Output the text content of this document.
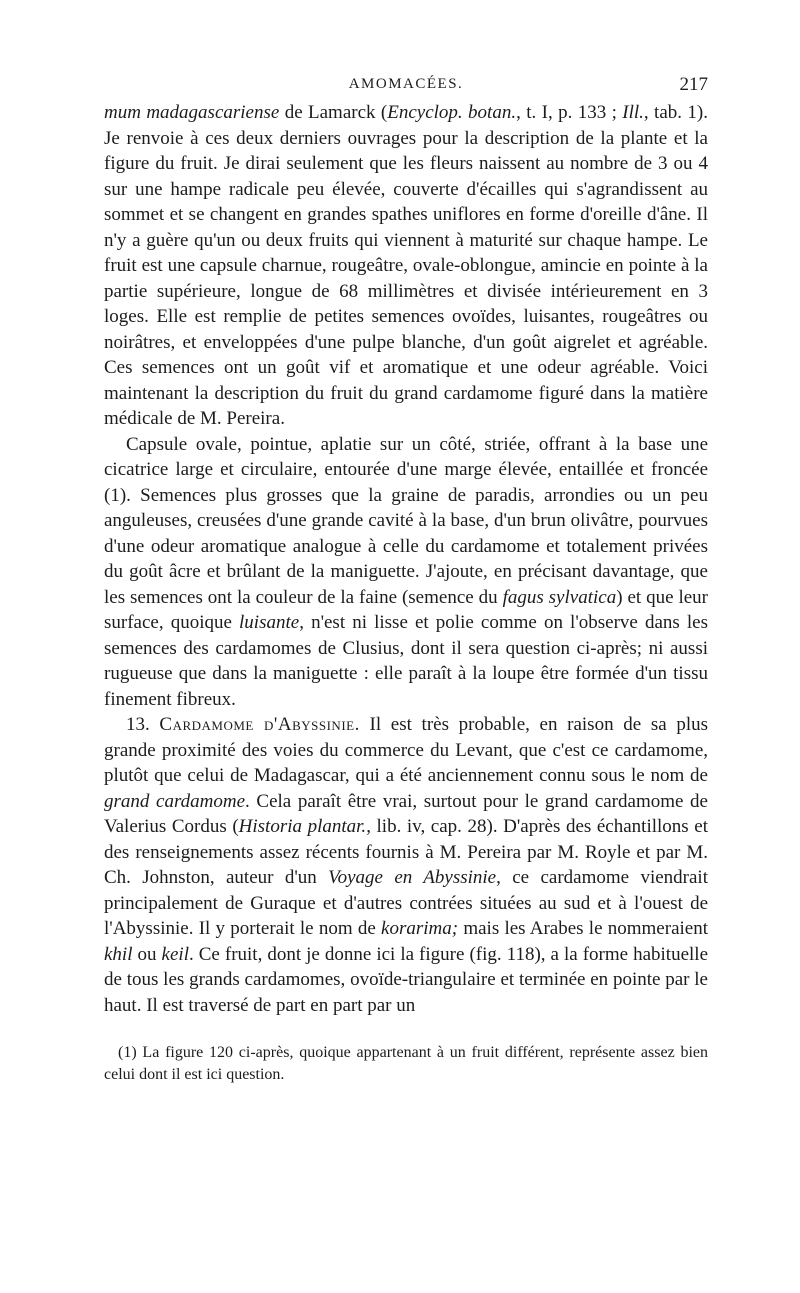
AMOMACÉES.	217

mum madagascariense de Lamarck (Encyclop. botan., t. I, p. 133 ; Ill., tab. 1). Je renvoie à ces deux derniers ouvrages pour la description de la plante et la figure du fruit. Je dirai seulement que les fleurs naissent au nombre de 3 ou 4 sur une hampe radicale peu élevée, couverte d'écailles qui s'agrandissent au sommet et se changent en grandes spathes uniflores en forme d'oreille d'âne. Il n'y a guère qu'un ou deux fruits qui viennent à maturité sur chaque hampe. Le fruit est une capsule charnue, rougeâtre, ovale-oblongue, amincie en pointe à la partie supérieure, longue de 68 millimètres et divisée intérieurement en 3 loges. Elle est remplie de petites semences ovoïdes, luisantes, rougeâtres ou noirâtres, et enveloppées d'une pulpe blanche, d'un goût aigrelet et agréable. Ces semences ont un goût vif et aromatique et une odeur agréable. Voici maintenant la description du fruit du grand cardamome figuré dans la matière médicale de M. Pereira.

Capsule ovale, pointue, aplatie sur un côté, striée, offrant à la base une cicatrice large et circulaire, entourée d'une marge élevée, entaillée et froncée (1). Semences plus grosses que la graine de paradis, arrondies ou un peu anguleuses, creusées d'une grande cavité à la base, d'un brun olivâtre, pourvues d'une odeur aromatique analogue à celle du cardamome et totalement privées du goût âcre et brûlant de la maniguette. J'ajoute, en précisant davantage, que les semences ont la couleur de la faine (semence du fagus sylvatica) et que leur surface, quoique luisante, n'est ni lisse et polie comme on l'observe dans les semences des cardamomes de Clusius, dont il sera question ci-après; ni aussi rugueuse que dans la maniguette : elle paraît à la loupe être formée d'un tissu finement fibreux.

13. Cardamome d'Abyssinie. Il est très probable, en raison de sa plus grande proximité des voies du commerce du Levant, que c'est ce cardamome, plutôt que celui de Madagascar, qui a été anciennement connu sous le nom de grand cardamome. Cela paraît être vrai, surtout pour le grand cardamome de Valerius Cordus (Historia plantar., lib. iv, cap. 28). D'après des échantillons et des renseignements assez récents fournis à M. Pereira par M. Royle et par M. Ch. Johnston, auteur d'un Voyage en Abyssinie, ce cardamome viendrait principalement de Guraque et d'autres contrées situées au sud et à l'ouest de l'Abyssinie. Il y porterait le nom de korarima; mais les Arabes le nommeraient khil ou keil. Ce fruit, dont je donne ici la figure (fig. 118), a la forme habituelle de tous les grands cardamomes, ovoïde-triangulaire et terminée en pointe par le haut. Il est traversé de part en part par un

(1) La figure 120 ci-après, quoique appartenant à un fruit différent, représente assez bien celui dont il est ici question.
